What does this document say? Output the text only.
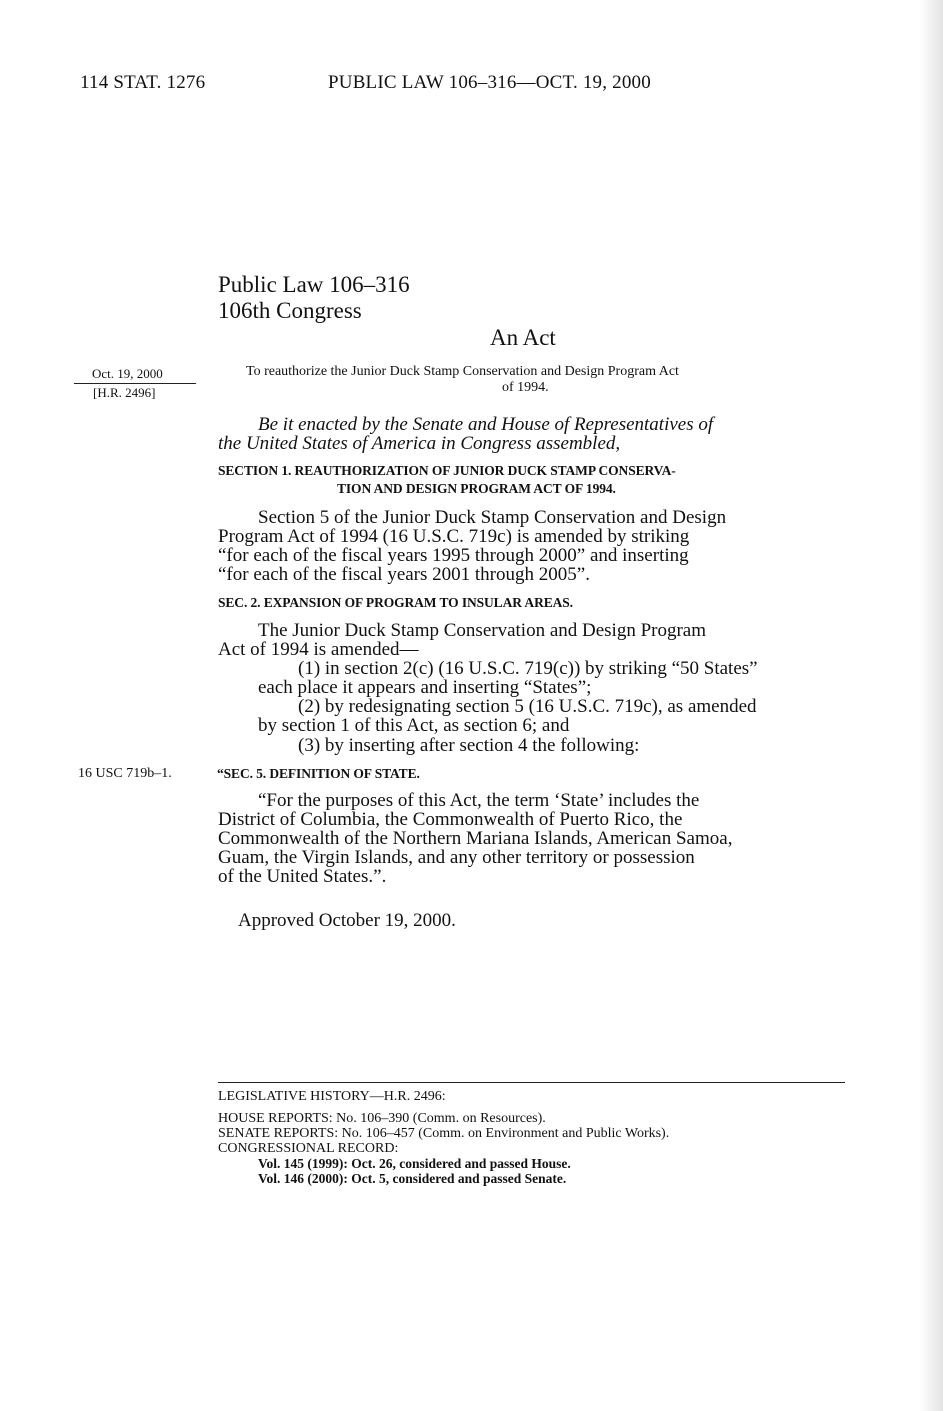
114 STAT. 1276	PUBLIC LAW 106–316—OCT. 19, 2000
Public Law 106–316
106th Congress
An Act
Oct. 19, 2000
[H.R. 2496]
To reauthorize the Junior Duck Stamp Conservation and Design Program Act
of 1994.
Be it enacted by the Senate and House of Representatives of
the United States of America in Congress assembled,
SECTION 1. REAUTHORIZATION OF JUNIOR DUCK STAMP CONSERVA-
TION AND DESIGN PROGRAM ACT OF 1994.
Section 5 of the Junior Duck Stamp Conservation and Design
Program Act of 1994 (16 U.S.C. 719c) is amended by striking
“for each of the fiscal years 1995 through 2000” and inserting
“for each of the fiscal years 2001 through 2005”.
SEC. 2. EXPANSION OF PROGRAM TO INSULAR AREAS.
The Junior Duck Stamp Conservation and Design Program
Act of 1994 is amended—
(1) in section 2(c) (16 U.S.C. 719(c)) by striking “50 States”
each place it appears and inserting “States”;
(2) by redesignating section 5 (16 U.S.C. 719c), as amended
by section 1 of this Act, as section 6; and
(3) by inserting after section 4 the following:
16 USC 719b–1.	“SEC. 5. DEFINITION OF STATE.
“For the purposes of this Act, the term ‘State’ includes the
District of Columbia, the Commonwealth of Puerto Rico, the
Commonwealth of the Northern Mariana Islands, American Samoa,
Guam, the Virgin Islands, and any other territory or possession
of the United States.”.
Approved October 19, 2000.
LEGISLATIVE HISTORY—H.R. 2496:
HOUSE REPORTS: No. 106–390 (Comm. on Resources).
SENATE REPORTS: No. 106–457 (Comm. on Environment and Public Works).
CONGRESSIONAL RECORD:
Vol. 145 (1999): Oct. 26, considered and passed House.
Vol. 146 (2000): Oct. 5, considered and passed Senate.
